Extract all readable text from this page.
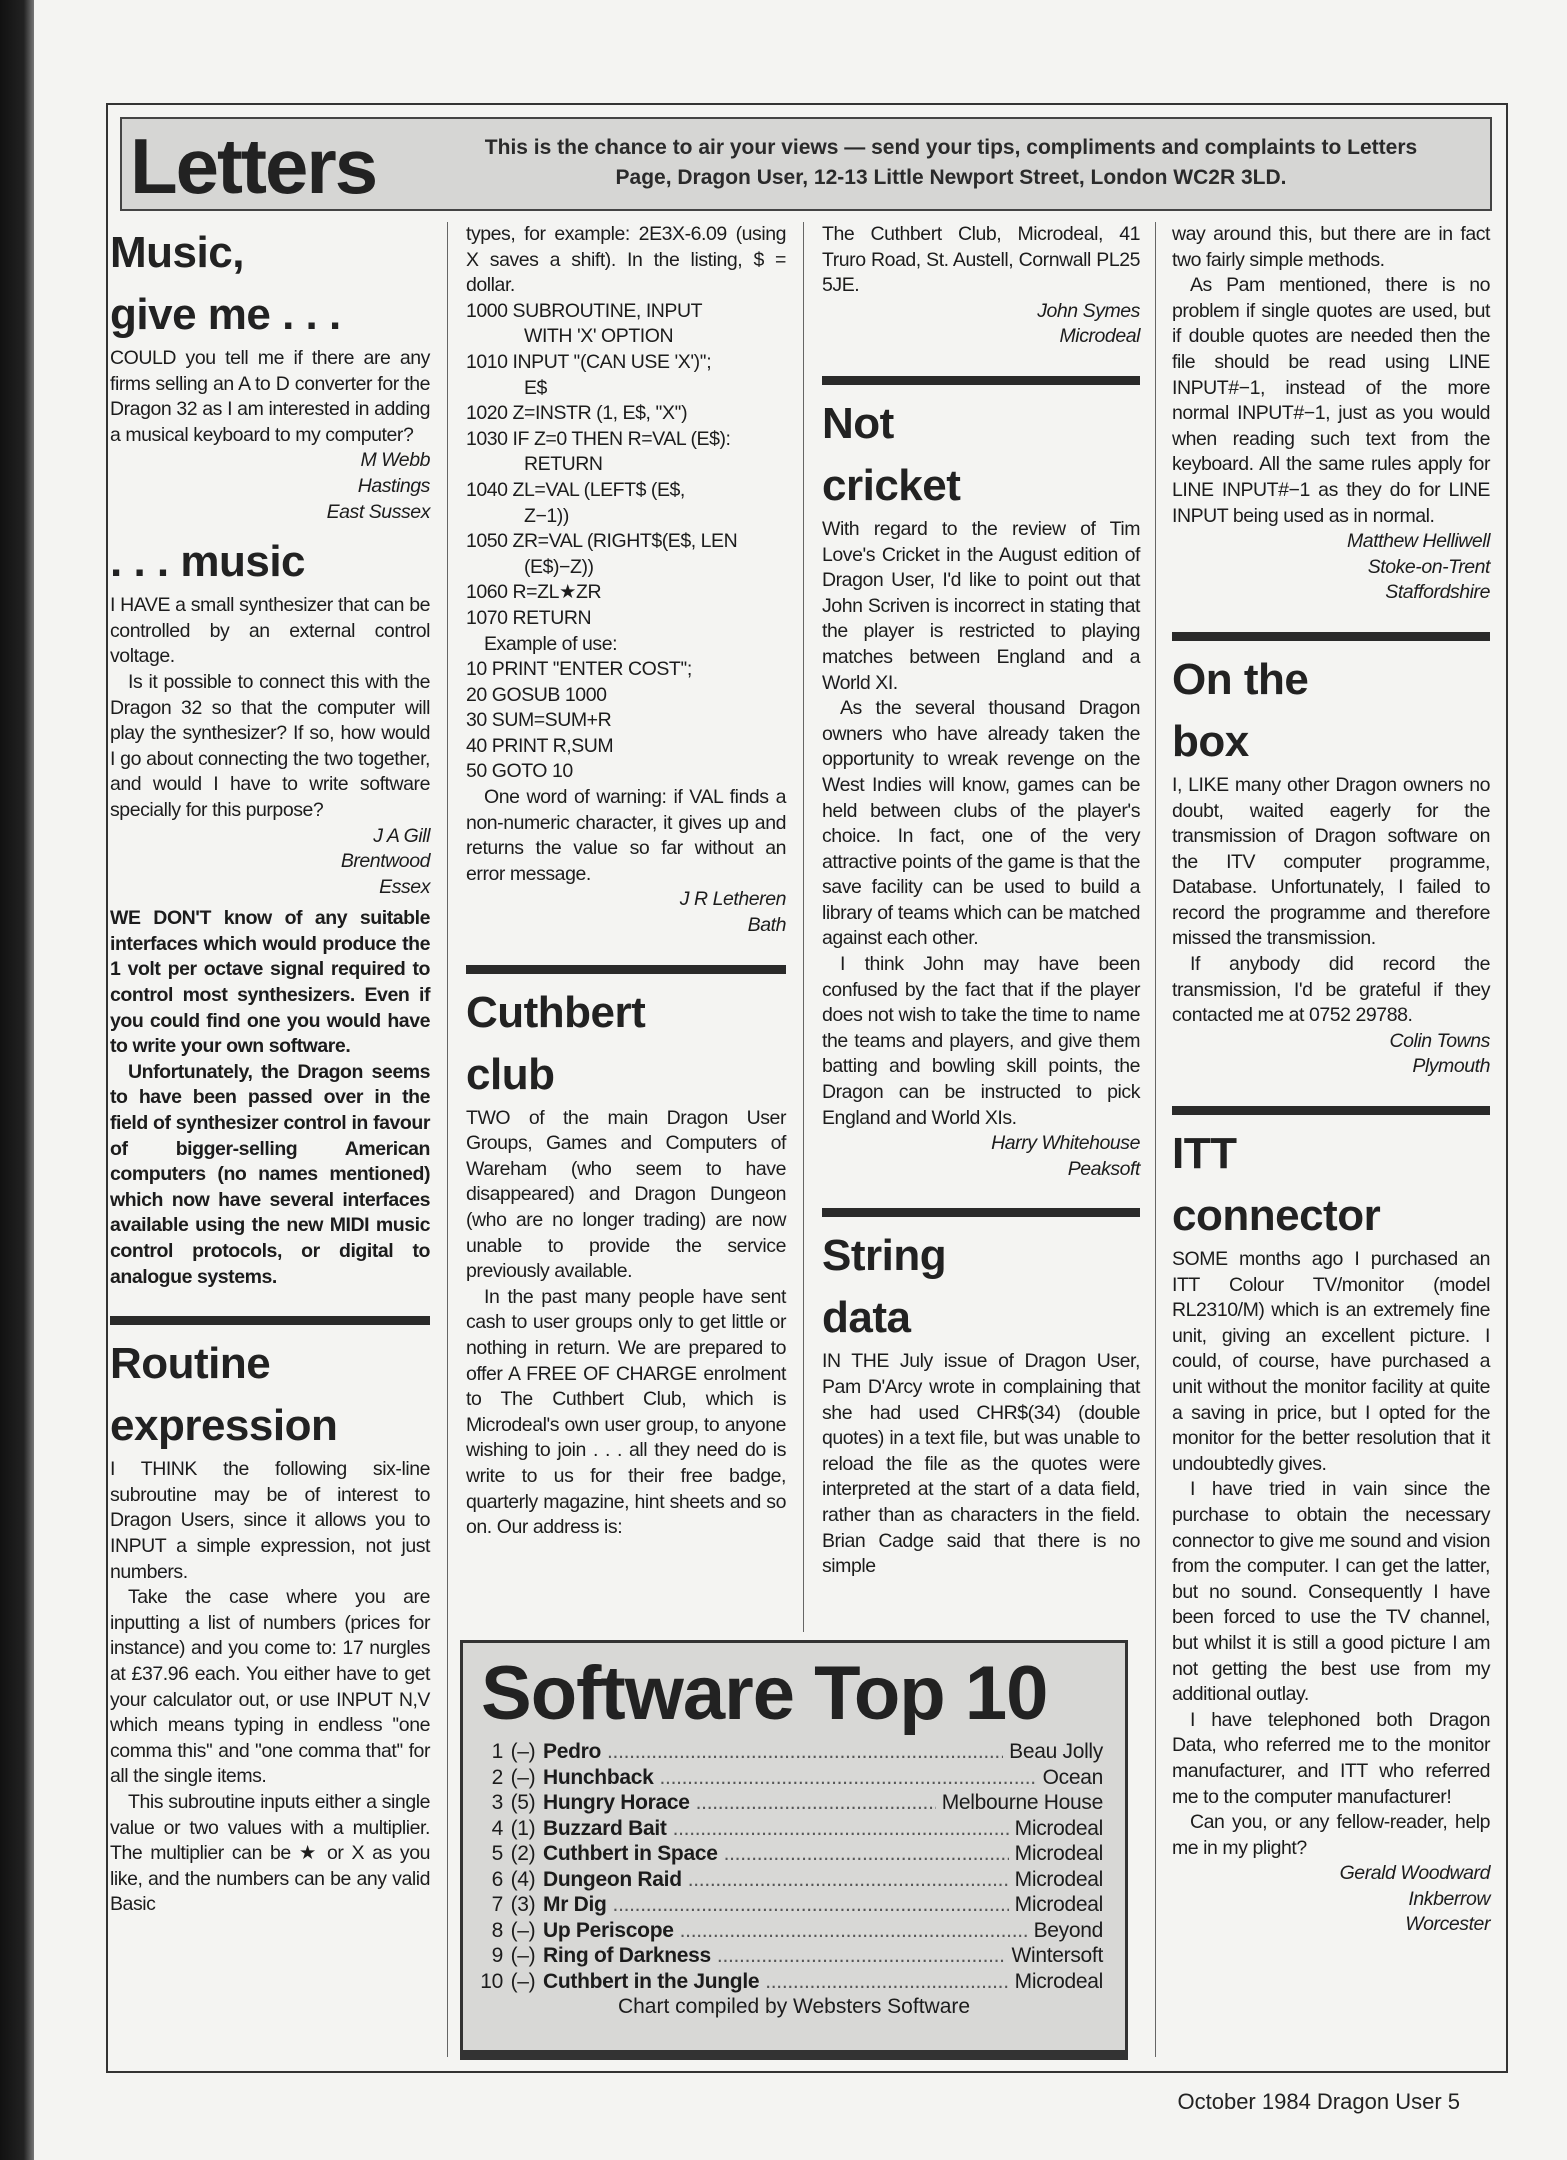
Letters	This is the chance to air your views — send your tips, compliments and complaints to Letters
Page, Dragon User, 12-13 Little Newport Street, London WC2R 3LD.
Music,
give me . . .

COULD you tell me if there are any firms selling an A to D converter for the Dragon 32 as I am interested in adding a musical keyboard to my computer?

M Webb
Hastings
East Sussex
. . . music

I HAVE a small synthesizer that can be controlled by an external control voltage.

Is it possible to connect this with the Dragon 32 so that the computer will play the synthesizer? If so, how would I go about connecting the two together, and would I have to write software specially for this purpose?

J A Gill
Brentwood
Essex

WE DON'T know of any suitable interfaces which would produce the 1 volt per octave signal required to control most synthesizers. Even if you could find one you would have to write your own software.

Unfortunately, the Dragon seems to have been passed over in the field of synthesizer control in favour of bigger-selling American computers (no names mentioned) which now have several interfaces available using the new MIDI music control protocols, or digital to analogue systems.

Routine
expression

I THINK the following six-line subroutine may be of interest to Dragon Users, since it allows you to INPUT a simple expression, not just numbers.

Take the case where you are inputting a list of numbers (prices for instance) and you come to: 17 nurgles at £37.96 each. You either have to get your calculator out, or use INPUT N,V which means typing in endless ''one comma this'' and ''one comma that'' for all the single items.

This subroutine inputs either a single value or two values with a multiplier. The multiplier can be ★ or X as you like, and the numbers can be any valid Basic

types, for example: 2E3X-6.09 (using X saves a shift). In the listing, $ = dollar.

1000 SUBROUTINE, INPUT
WITH 'X' OPTION
1010 INPUT ''(CAN USE 'X')'';
E$
1020 Z=INSTR (1, E$, ''X'')
1030 IF Z=0 THEN R=VAL (E$):
RETURN
1040 ZL=VAL (LEFT$ (E$,
Z−1))
1050 ZR=VAL (RIGHT$(E$, LEN
(E$)−Z))
1060 R=ZL★ZR
1070 RETURN
Example of use:
10 PRINT ''ENTER COST'';
20 GOSUB 1000
30 SUM=SUM+R
40 PRINT R,SUM
50 GOTO 10

One word of warning: if VAL finds a non-numeric character, it gives up and returns the value so far without an error message.

J R Letheren
Bath
Cuthbert
club

TWO of the main Dragon User Groups, Games and Computers of Wareham (who seem to have disappeared) and Dragon Dungeon (who are no longer trading) are now unable to provide the service previously available.

In the past many people have sent cash to user groups only to get little or nothing in return. We are prepared to offer A FREE OF CHARGE enrolment to The Cuthbert Club, which is Microdeal's own user group, to anyone wishing to join . . . all they need do is write to us for their free badge, quarterly magazine, hint sheets and so on. Our address is:

The Cuthbert Club, Microdeal, 41 Truro Road, St. Austell, Cornwall PL25 5JE.

John Symes
Microdeal
Not
cricket

With regard to the review of Tim Love's Cricket in the August edition of Dragon User, I'd like to point out that John Scriven is incorrect in stating that the player is restricted to playing matches between England and a World XI.

As the several thousand Dragon owners who have already taken the opportunity to wreak revenge on the West Indies will know, games can be held between clubs of the player's choice. In fact, one of the very attractive points of the game is that the save facility can be used to build a library of teams which can be matched against each other.

I think John may have been confused by the fact that if the player does not wish to take the time to name the teams and players, and give them batting and bowling skill points, the Dragon can be instructed to pick England and World XIs.

Harry Whitehouse
Peaksoft
String
data

IN THE July issue of Dragon User, Pam D'Arcy wrote in complaining that she had used CHR$(34) (double quotes) in a text file, but was unable to reload the file as the quotes were interpreted at the start of a data field, rather than as characters in the field. Brian Cadge said that there is no simple

way around this, but there are in fact two fairly simple methods.

As Pam mentioned, there is no problem if single quotes are used, but if double quotes are needed then the file should be read using LINE INPUT#−1, instead of the more normal INPUT#−1, just as you would when reading such text from the keyboard. All the same rules apply for LINE INPUT#−1 as they do for LINE INPUT being used as in normal.

Matthew Helliwell
Stoke-on-Trent
Staffordshire
On the
box

I, LIKE many other Dragon owners no doubt, waited eagerly for the transmission of Dragon software on the ITV computer programme, Database. Unfortunately, I failed to record the programme and therefore missed the transmission.

If anybody did record the transmission, I'd be grateful if they contacted me at 0752 29788.

Colin Towns
Plymouth
ITT
connector

SOME months ago I purchased an ITT Colour TV/monitor (model RL2310/M) which is an extremely fine unit, giving an excellent picture. I could, of course, have purchased a unit without the monitor facility at quite a saving in price, but I opted for the monitor for the better resolution that it undoubtedly gives.

I have tried in vain since the purchase to obtain the necessary connector to give me sound and vision from the computer. I can get the latter, but no sound. Consequently I have been forced to use the TV channel, but whilst it is still a good picture I am not getting the best use from my additional outlay.

I have telephoned both Dragon Data, who referred me to the monitor manufacturer, and ITT who referred me to the computer manufacturer!

Can you, or any fellow-reader, help me in my plight?

Gerald Woodward
Inkberrow
Worcester
Software Top 10
1 (–) Pedro .....	Beau Jolly
2 (–) Hunchback .....	Ocean
3 (5) Hungry Horace .....	Melbourne House
4 (1) Buzzard Bait .....	Microdeal
5 (2) Cuthbert in Space .....	Microdeal
6 (4) Dungeon Raid .....	Microdeal
7 (3) Mr Dig .....	Microdeal
8 (–) Up Periscope .....	Beyond
9 (–) Ring of Darkness .....	Wintersoft
10 (–) Cuthbert in the Jungle .....	Microdeal
Chart compiled by Websters Software
October 1984 Dragon User 5
